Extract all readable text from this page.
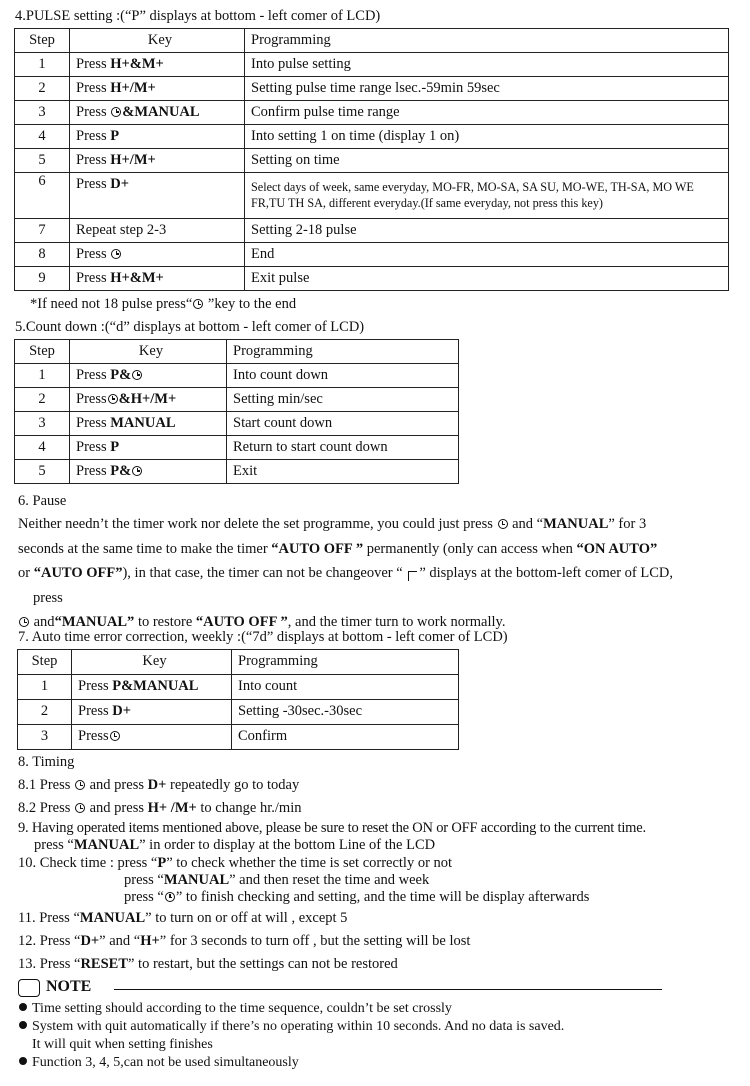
4.PULSE setting :(“P” displays at bottom - left comer of LCD)
Step	Key	Programming
1	Press H+&M+	Into pulse setting
2	Press H+/M+	Setting pulse time range lsec.-59min 59sec
3	Press &MANUAL	Confirm pulse time range
4	Press P	Into setting 1 on time (display 1 on)
5	Press H+/M+	Setting on time
6	Press D+	Select days of week, same everyday, MO-FR, MO-SA, SA SU, MO-WE, TH-SA, MO WE FR,TU TH SA, different everyday.(If same everyday, not press this key)
7	Repeat step 2-3	Setting 2-18 pulse
8	Press	End
9	Press H+&M+	Exit pulse
*If need not 18 pulse press“ ”key to the end
5.Count down :(“d” displays at bottom - left comer of LCD)
Step	Key	Programming
1	Press P&	Into count down
2	Press &H+/M+	Setting min/sec
3	Press MANUAL	Start count down
4	Press P	Return to start count down
5	Press P&	Exit
6. Pause
Neither needn’t the timer work nor delete the set programme, you could just press  and “MANUAL” for 3
seconds at the same time to make the timer “AUTO OFF ” permanently (only can access when “ON AUTO”
or “AUTO OFF”), in that case, the timer can not be changeover “ ” displays at the bottom-left comer of LCD,
press
and“MANUAL” to restore “AUTO OFF ”, and the timer turn to work normally.
7. Auto time error correction, weekly :(“7d” displays at bottom - left comer of LCD)
Step	Key	Programming
1	Press P&MANUAL	Into count
2	Press D+	Setting -30sec.-30sec
3	Press	Confirm
8. Timing
8.1 Press  and press D+ repeatedly go to today
8.2 Press  and press H+ /M+ to change hr./min
9. Having operated items mentioned above, please be sure to reset the ON or OFF according to the current time.
press “MANUAL” in order to display at the bottom Line of the LCD
10. Check time : press “P” to check whether the time is set correctly or not
press “MANUAL” and then reset the time and week
press “ ” to finish checking and setting, and the time will be display afterwards
11. Press “MANUAL” to turn on or off at will , except 5
12. Press “D+” and “H+” for 3 seconds to turn off , but the setting will be lost
13. Press “RESET” to restart, but the settings can not be restored
NOTE
Time setting should according to the time sequence, couldn’t be set crossly
System with quit automatically if there’s no operating within 10 seconds. And no data is saved.
It will quit when setting finishes
Function 3, 4, 5,can not be used simultaneously
